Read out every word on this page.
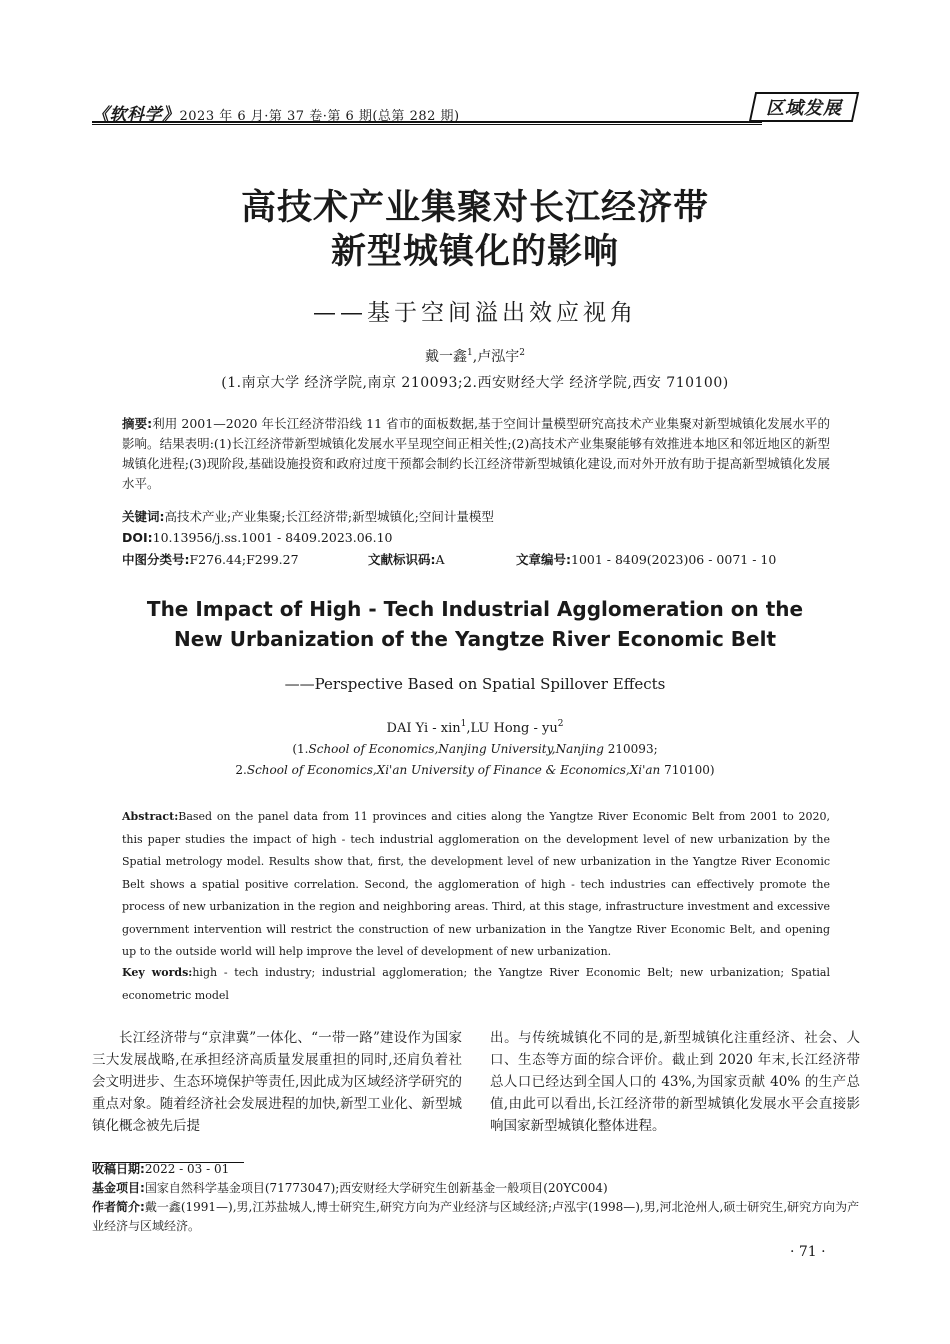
《软科学》2023 年 6 月·第 37 卷·第 6 期(总第 282 期)	区域发展
高技术产业集聚对长江经济带
新型城镇化的影响
——基于空间溢出效应视角
戴一鑫$^1$,卢泓宇$^2$
(1.南京大学 经济学院,南京 210093;2.西安财经大学 经济学院,西安 710100)
摘要:利用 2001—2020 年长江经济带沿线 11 省市的面板数据,基于空间计量模型研究高技术产业集聚对新型城镇化发展水平的影响。结果表明:(1)长江经济带新型城镇化发展水平呈现空间正相关性;(2)高技术产业集聚能够有效推进本地区和邻近地区的新型城镇化进程;(3)现阶段,基础设施投资和政府过度干预都会制约长江经济带新型城镇化建设,而对外开放有助于提高新型城镇化发展水平。
关键词:高技术产业;产业集聚;长江经济带;新型城镇化;空间计量模型
DOI:10.13956/j.ss.1001 - 8409.2023.06.10
中图分类号:F276.44;F299.27	文献标识码:A	文章编号:1001 - 8409(2023)06 - 0071 - 10
The Impact of High - Tech Industrial Agglomeration on the
New Urbanization of the Yangtze River Economic Belt
——Perspective Based on Spatial Spillover Effects
DAI Yi - xin$^1$,LU Hong - $yu^2$
(1.School of Economics,Nanjing University,Nanjing 210093;
2.School of Economics,Xi'an University of Finance & Economics,Xi'an 710100)
Abstract:Based on the panel data from 11 provinces and cities along the Yangtze River Economic Belt from 2001 to 2020, this paper studies the impact of high - tech industrial agglomeration on the development level of new urbanization by the Spatial metrology model. Results show that, first, the development level of new urbanization in the Yangtze River Economic Belt shows a spatial positive correlation. Second, the agglomeration of high - tech industries can effectively promote the process of new urbanization in the region and neighboring areas. Third, at this stage, infrastructure investment and excessive government intervention will restrict the construction of new urbanization in the Yangtze River Economic Belt, and opening up to the outside world will help improve the level of development of new urbanization.
Key words:high - tech industry; industrial agglomeration; the Yangtze River Economic Belt; new urbanization; Spatial econometric model
长江经济带与“京津冀”一体化、“一带一路”建设作为国家三大发展战略,在承担经济高质量发展重担的同时,还肩负着社会文明进步、生态环境保护等责任,因此成为区域经济学研究的重点对象。随着经济社会发展进程的加快,新型工业化、新型城镇化概念被先后提
出。与传统城镇化不同的是,新型城镇化注重经济、社会、人口、生态等方面的综合评价。截止到 2020 年末,长江经济带总人口已经达到全国人口的 43%,为国家贡献 40% 的生产总值,由此可以看出,长江经济带的新型城镇化发展水平会直接影响国家新型城镇化整体进程。
收稿日期:2022 - 03 - 01
基金项目:国家自然科学基金项目(71773047);西安财经大学研究生创新基金一般项目(20YC004)
作者简介:戴一鑫(1991—),男,江苏盐城人,博士研究生,研究方向为产业经济与区域经济;卢泓宇(1998—),男,河北沧州人,硕士研究生,研究方向为产业经济与区域经济。
· 71 ·
